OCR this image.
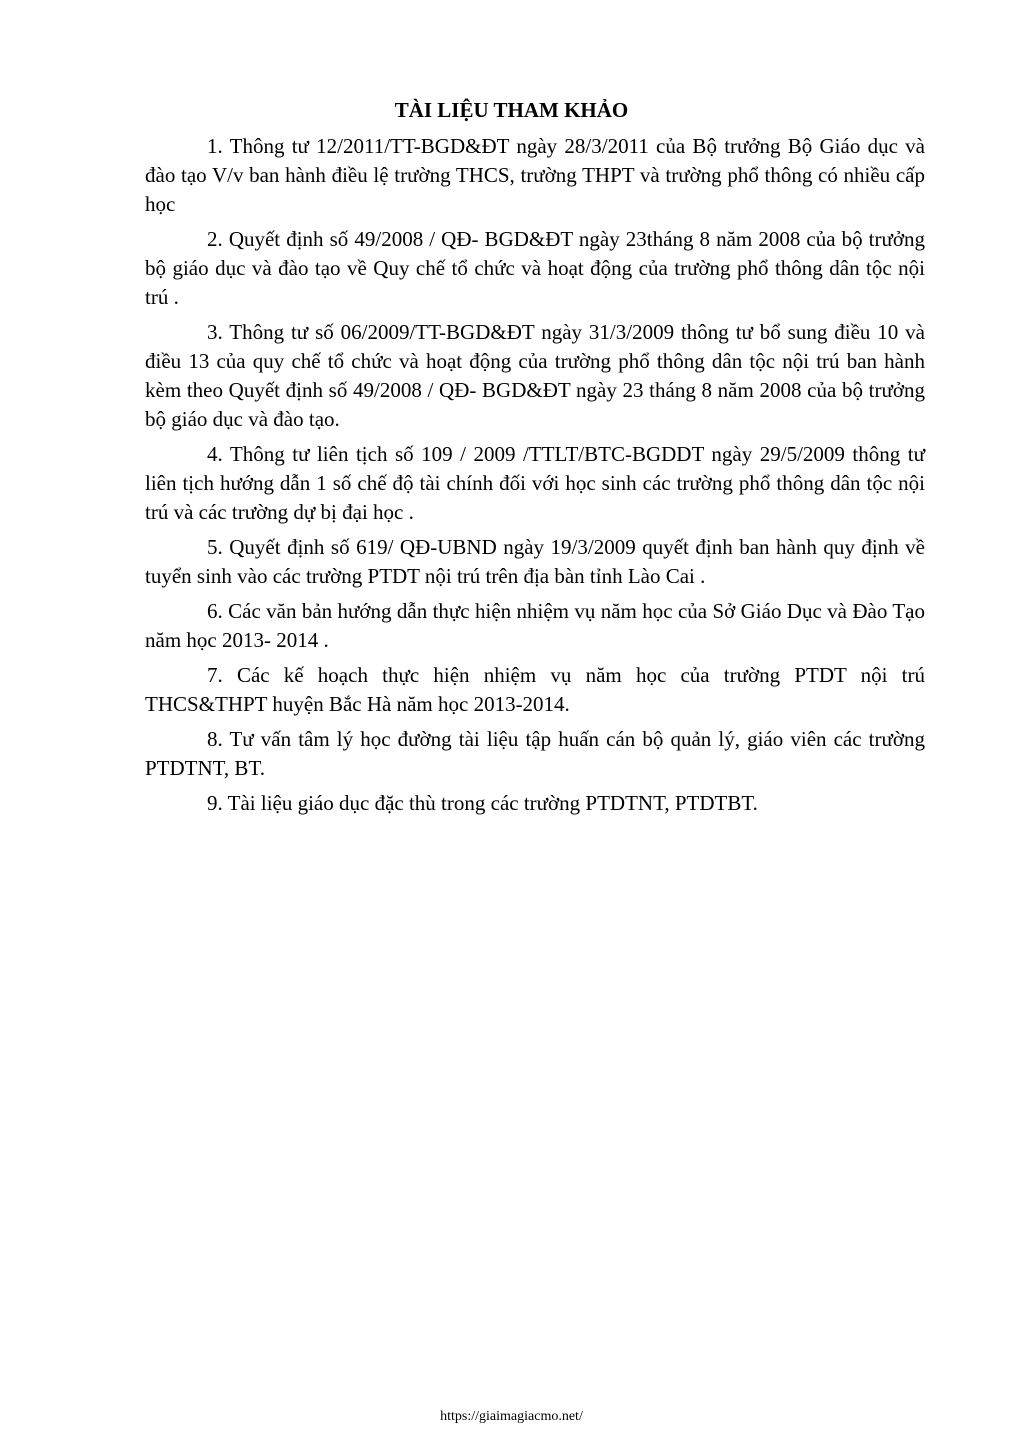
TÀI LIỆU THAM KHẢO

1. Thông tư 12/2011/TT-BGD&ĐT ngày 28/3/2011 của Bộ trưởng Bộ Giáo dục và đào tạo V/v ban hành điều lệ trường THCS, trường THPT và trường phổ thông có nhiều cấp học

2. Quyết định số 49/2008 / QĐ- BGD&ĐT ngày 23tháng 8 năm 2008 của bộ trưởng bộ giáo dục và đào tạo về Quy chế tổ chức và hoạt động của trường phổ thông dân tộc nội trú .

3. Thông tư số 06/2009/TT-BGD&ĐT ngày 31/3/2009 thông tư bổ sung điều 10 và điều 13 của quy chế tổ chức và hoạt động của trường phổ thông dân tộc nội trú ban hành kèm theo Quyết định số 49/2008 / QĐ- BGD&ĐT ngày 23 tháng 8 năm 2008 của bộ trưởng bộ giáo dục và đào tạo.

4. Thông tư liên tịch số 109 / 2009 /TTLT/BTC-BGDDT ngày 29/5/2009 thông tư liên tịch hướng dẫn 1 số chế độ tài chính đối với học sinh các trường phổ thông dân tộc nội trú và các trường dự bị đại học .

5. Quyết định số 619/ QĐ-UBND ngày 19/3/2009 quyết định ban hành quy định về tuyển sinh vào các trường PTDT nội trú trên địa bàn tỉnh Lào Cai .

6. Các văn bản hướng dẫn thực hiện nhiệm vụ năm học của Sở Giáo Dục và Đào Tạo năm học 2013- 2014 .

7. Các kế hoạch thực hiện nhiệm vụ năm học của trường PTDT nội trú THCS&THPT huyện Bắc Hà năm học 2013-2014.

8. Tư vấn tâm lý học đường tài liệu tập huấn cán bộ quản lý, giáo viên các trường PTDTNT, BT.

9. Tài liệu giáo dục đặc thù trong các trường PTDTNT, PTDTBT.

https://giaimagiacmo.net/
